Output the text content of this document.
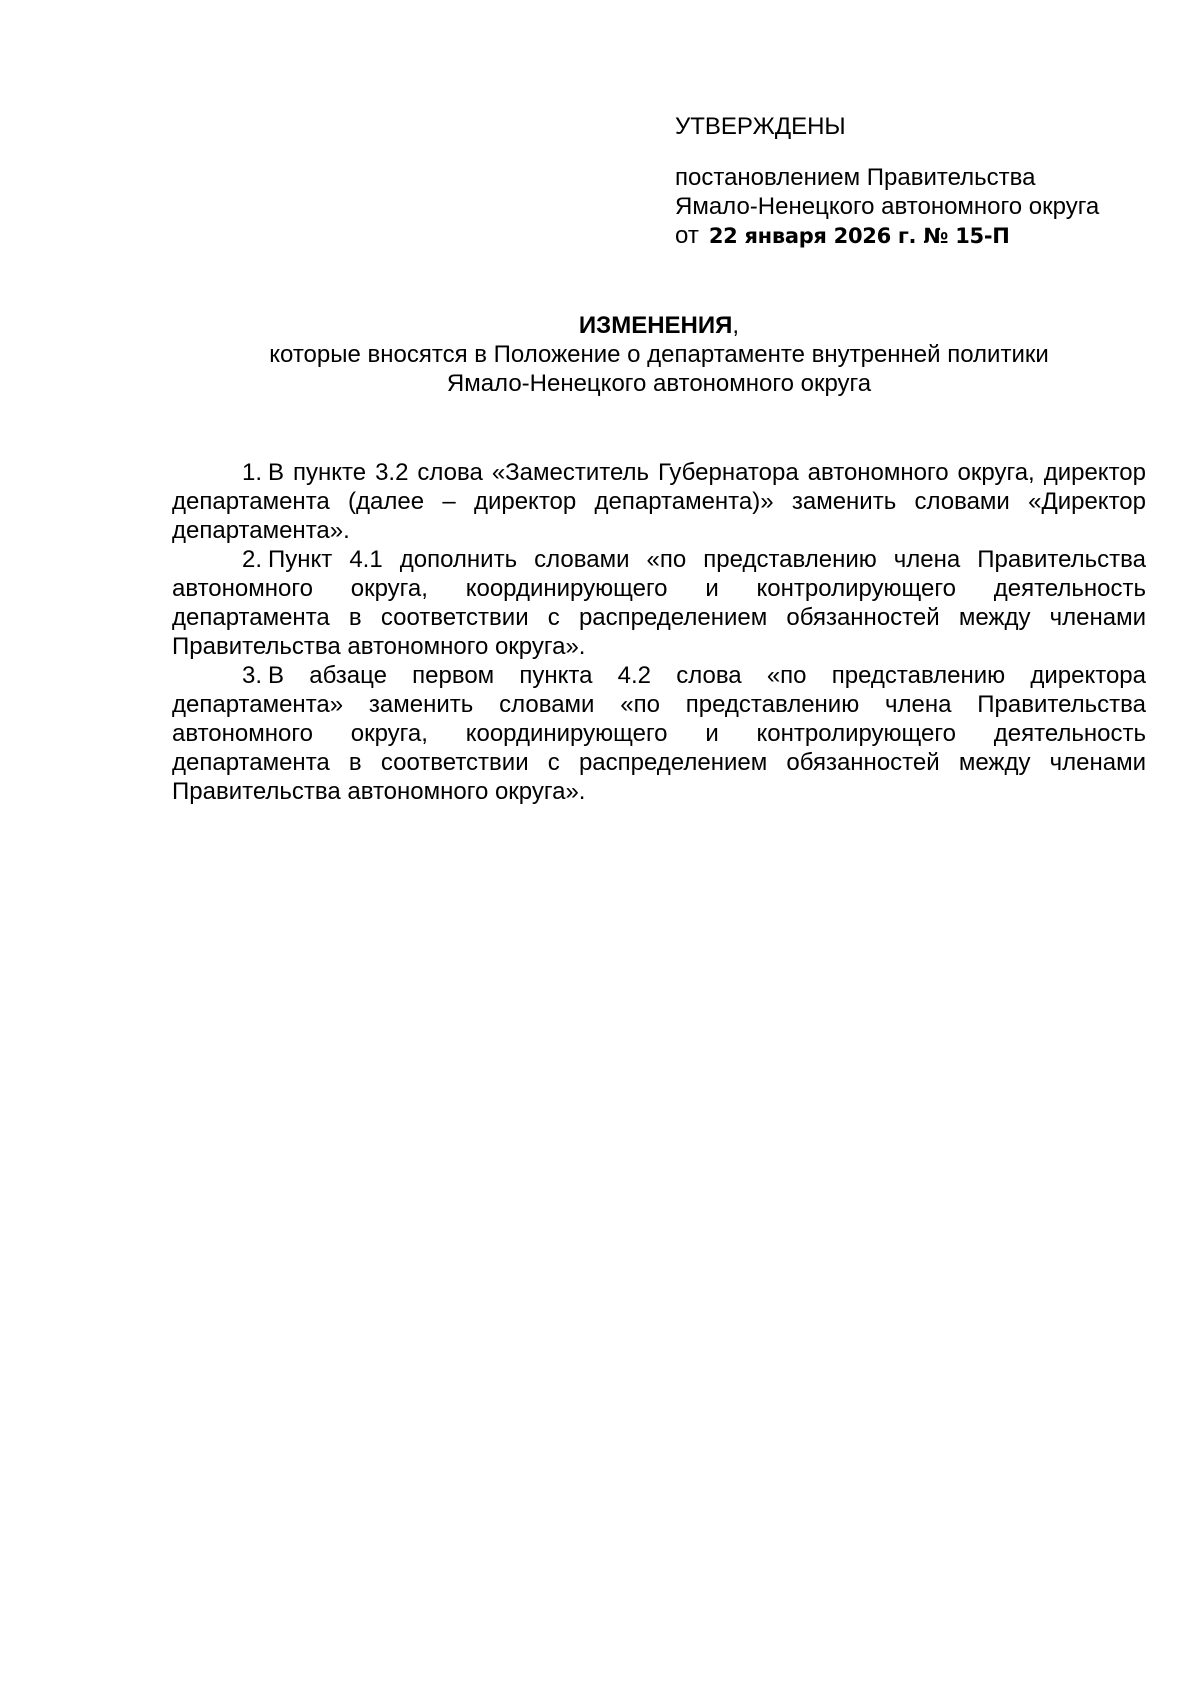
УТВЕРЖДЕНЫ

постановлением Правительства

Ямало-Ненецкого автономного округа

от 22 января 2026 г. № 15-П

ИЗМЕНЕНИЯ,

которые вносятся в Положение о департаменте внутренней политики

Ямало-Ненецкого автономного округа

1. В пункте 3.2 слова «Заместитель Губернатора автономного округа, директор департамента (далее – директор департамента)» заменить словами «Директор департамента».

2. Пункт 4.1 дополнить словами «по представлению члена Правительства автономного округа, координирующего и контролирующего деятельность департамента в соответствии с распределением обязанностей между членами Правительства автономного округа».

3. В абзаце первом пункта 4.2 слова «по представлению директора департамента» заменить словами «по представлению члена Правительства автономного округа, координирующего и контролирующего деятельность департамента в соответствии с распределением обязанностей между членами Правительства автономного округа».
